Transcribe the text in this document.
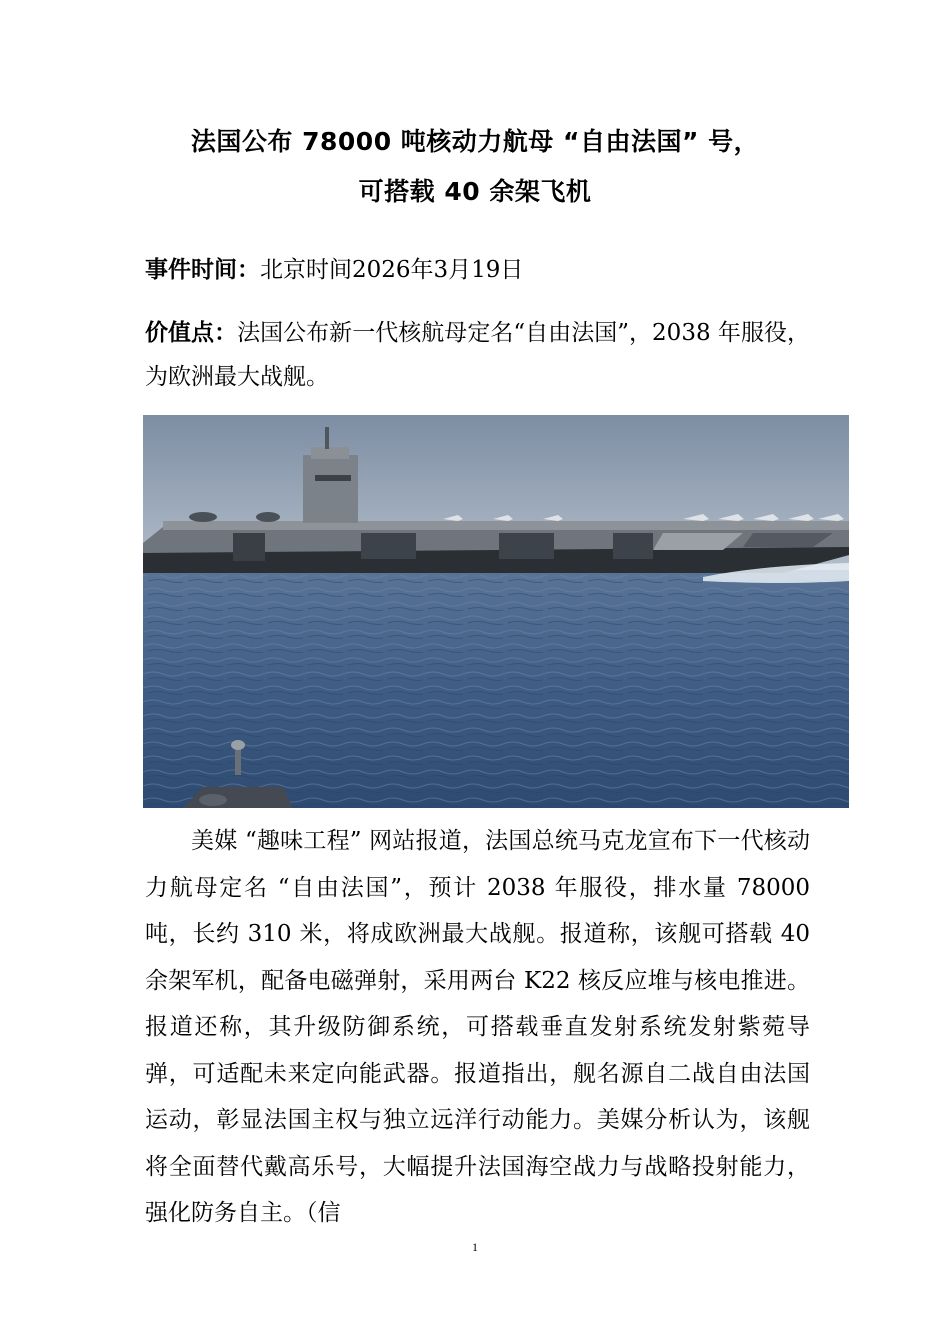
法国公布 78000 吨核动力航母 “自由法国” 号，
可搭载 40 余架飞机
事件时间：北京时间2026年3月19日
价值点：法国公布新一代核航母定名“自由法国”，2038 年服役，为欧洲最大战舰。

美媒 “趣味工程” 网站报道，法国总统马克龙宣布下一代核动力航母定名 “自由法国”，预计 2038 年服役，排水量 78000 吨，长约 310 米，将成欧洲最大战舰。报道称，该舰可搭载 40 余架军机，配备电磁弹射，采用两台 K22 核反应堆与核电推进。报道还称，其升级防御系统，可搭载垂直发射系统发射紫菀导弹，可适配未来定向能武器。报道指出，舰名源自二战自由法国运动，彰显法国主权与独立远洋行动能力。美媒分析认为，该舰将全面替代戴高乐号，大幅提升法国海空战力与战略投射能力，强化防务自主。（信

1
